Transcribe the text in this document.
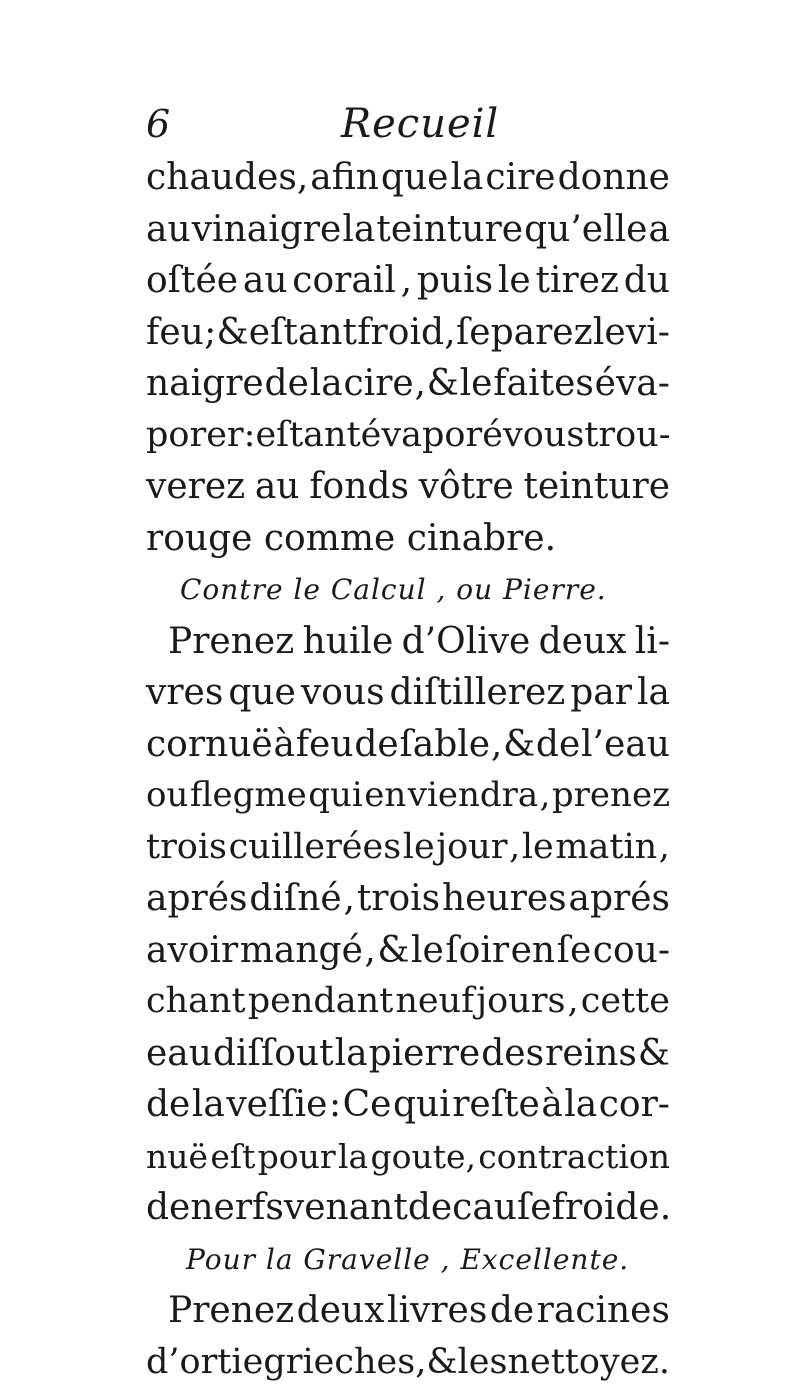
6	Recueil
chaudes, afin que la cire donne
au vinaigre la teinture qu’elle a
oſtée au corail , puis le tirez du
feu ; & eſtant froid , ſeparez le vi-
naigre de la cire , & le faites éva-
porer : eſtant évaporé vous trou-
verez au fonds vôtre teinture
rouge comme cinabre.
Contre le Calcul , ou Pierre.
Prenez huile d’Olive deux li-
vres que vous diſtillerez par la
cornuë à feu de ſable , & de l’eau
ou flegme qui en viendra , prenez
trois cuillerées le jour , le matin ,
aprés diſné , trois heures aprés
avoir mangé , & le ſoir en ſe cou-
chant pendant neuf jours , cette
eau diſſout la pierre des reins &
de la veſſie : Ce qui reſte à la cor-
nuë eſt pour la goute, contraction
de nerfs venant de cauſe froide.
Pour la Gravelle , Excellente.
Prenez deux livres de racines
d’ortie grieches , & les nettoyez .
